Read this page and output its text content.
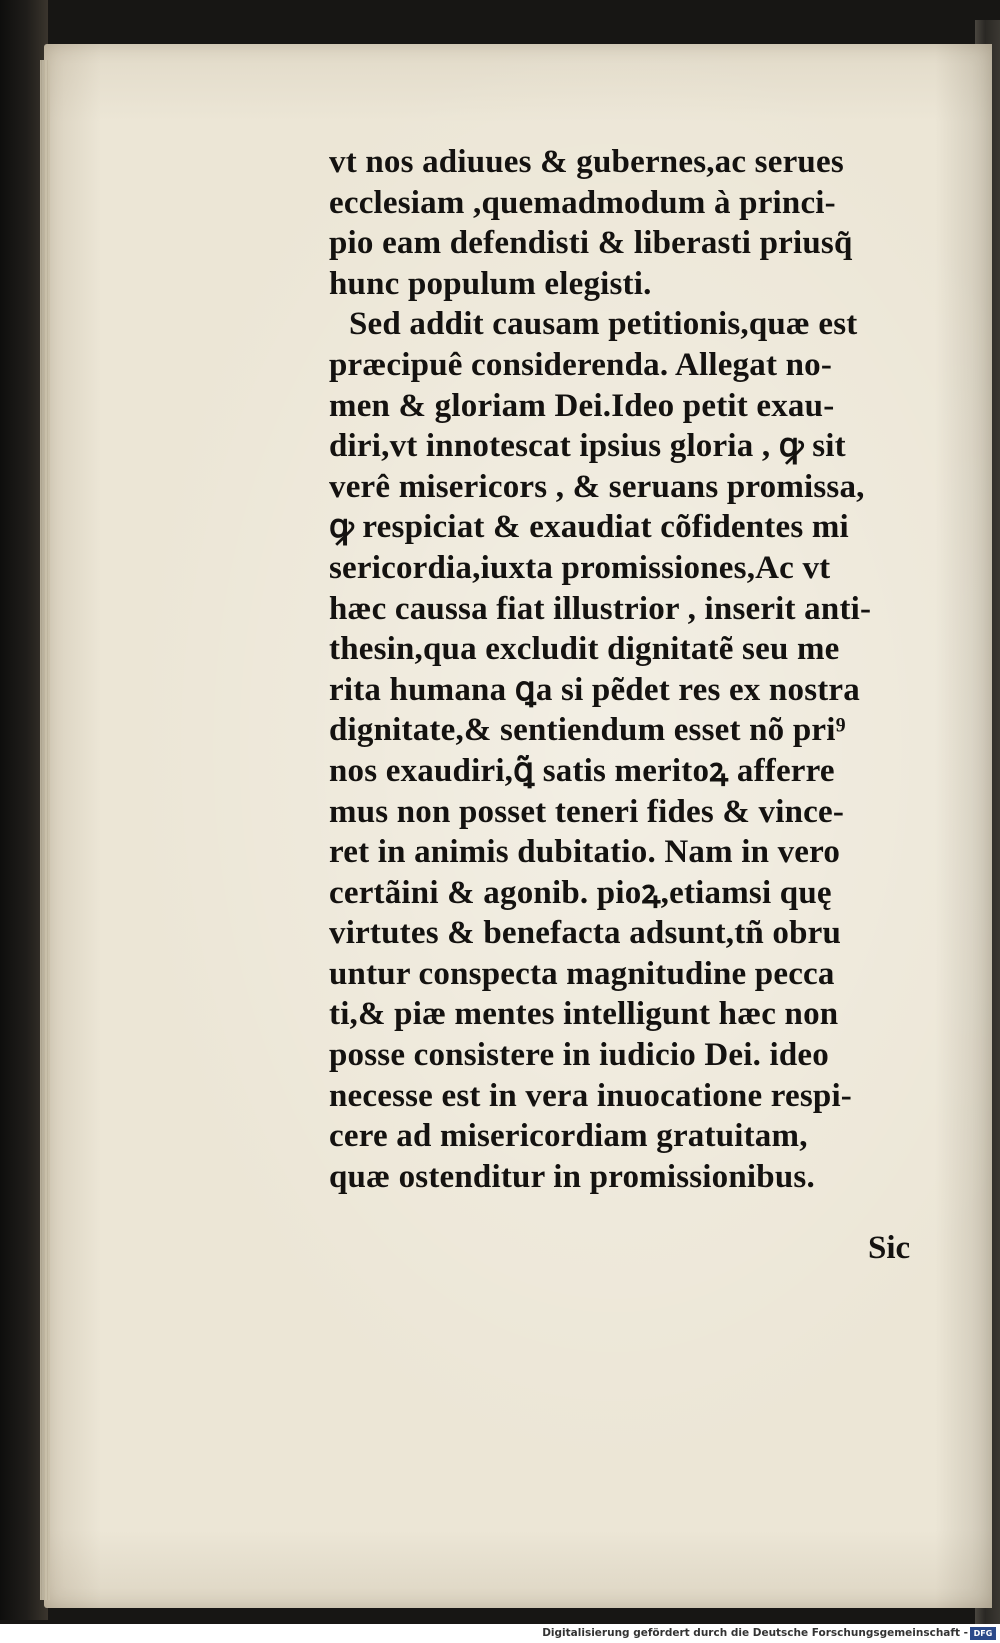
vt nos adiuues & gubernes,ac serues
ecclesiam ,quemadmodum à princi-
pio eam defendisti & liberasti priusq̃
hunc populum elegisti.
Sed addit causam petitionis,quæ est
præcipuê considerenda. Allegat no-
men & gloriam Dei.Ideo petit exau-
diri,vt innotescat ipsius gloria , ꝙ sit
verê misericors , & seruans promissa,
ꝙ respiciat & exaudiat cõfidentes mi
sericordia,iuxta promissiones,Ac vt
hæc caussa fiat illustrior , inserit anti-
thesin,qua excludit dignitatẽ seu me
rita humana ꝗa si pẽdet res ex nostra
dignitate,& sentiendum esset nõ pri⁹
nos exaudiri,ꝗ̃ satis meritoꝝ afferre
mus non posset teneri fides & vince-
ret in animis dubitatio. Nam in vero
certãini & agonib. pioꝝ,etiamsi quę
virtutes & benefacta adsunt,tñ obru
untur conspecta magnitudine pecca
ti,& piæ mentes intelligunt hæc non
posse consistere in iudicio Dei. ideo
necesse est in vera inuocatione respi-
cere ad misericordiam gratuitam,
quæ ostenditur in promissionibus.
Sic
Digitalisierung gefördert durch die Deutsche Forschungsgemeinschaft - DFG
